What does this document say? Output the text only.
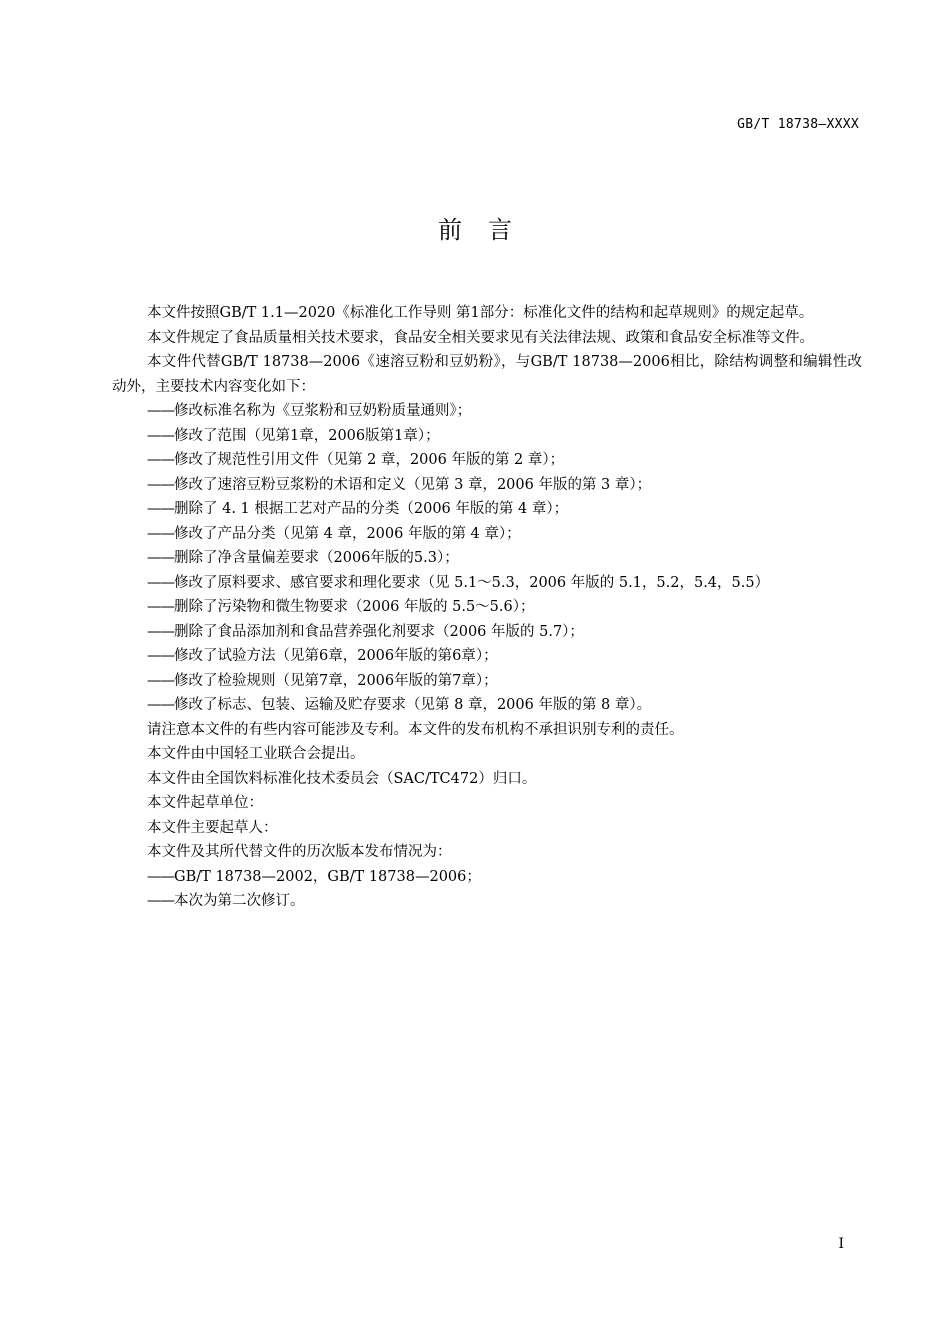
GB/T 18738—XXXX
前言

本文件按照GB/T 1.1—2020《标准化工作导则 第1部分：标准化文件的结构和起草规则》的规定起草。

本文件规定了食品质量相关技术要求，食品安全相关要求见有关法律法规、政策和食品安全标准等文件。

本文件代替GB/T 18738—2006《速溶豆粉和豆奶粉》，与GB/T 18738—2006相比，除结构调整和编辑性改动外，主要技术内容变化如下：

——修改标准名称为《豆浆粉和豆奶粉质量通则》；
——修改了范围（见第1章，2006版第1章）；
——修改了规范性引用文件（见第 2 章，2006 年版的第 2 章）；
——修改了速溶豆粉豆浆粉的术语和定义（见第 3 章，2006 年版的第 3 章）；
——删除了 4. 1 根据工艺对产品的分类（2006 年版的第 4 章）；
——修改了产品分类（见第 4 章，2006 年版的第 4 章）；
——删除了净含量偏差要求（2006年版的5.3）；
——修改了原料要求、感官要求和理化要求（见 5.1～5.3，2006 年版的 5.1，5.2，5.4，5.5）
——删除了污染物和微生物要求（2006 年版的 5.5～5.6）；
——删除了食品添加剂和食品营养强化剂要求（2006 年版的 5.7）；
——修改了试验方法（见第6章，2006年版的第6章）；
——修改了检验规则（见第7章，2006年版的第7章）；
——修改了标志、包装、运输及贮存要求（见第 8 章，2006 年版的第 8 章）。

请注意本文件的有些内容可能涉及专利。本文件的发布机构不承担识别专利的责任。

本文件由中国轻工业联合会提出。

本文件由全国饮料标准化技术委员会（SAC/TC472）归口。

本文件起草单位：

本文件主要起草人：

本文件及其所代替文件的历次版本发布情况为：

——GB/T 18738—2002，GB/T 18738—2006；
——本次为第二次修订。
I
